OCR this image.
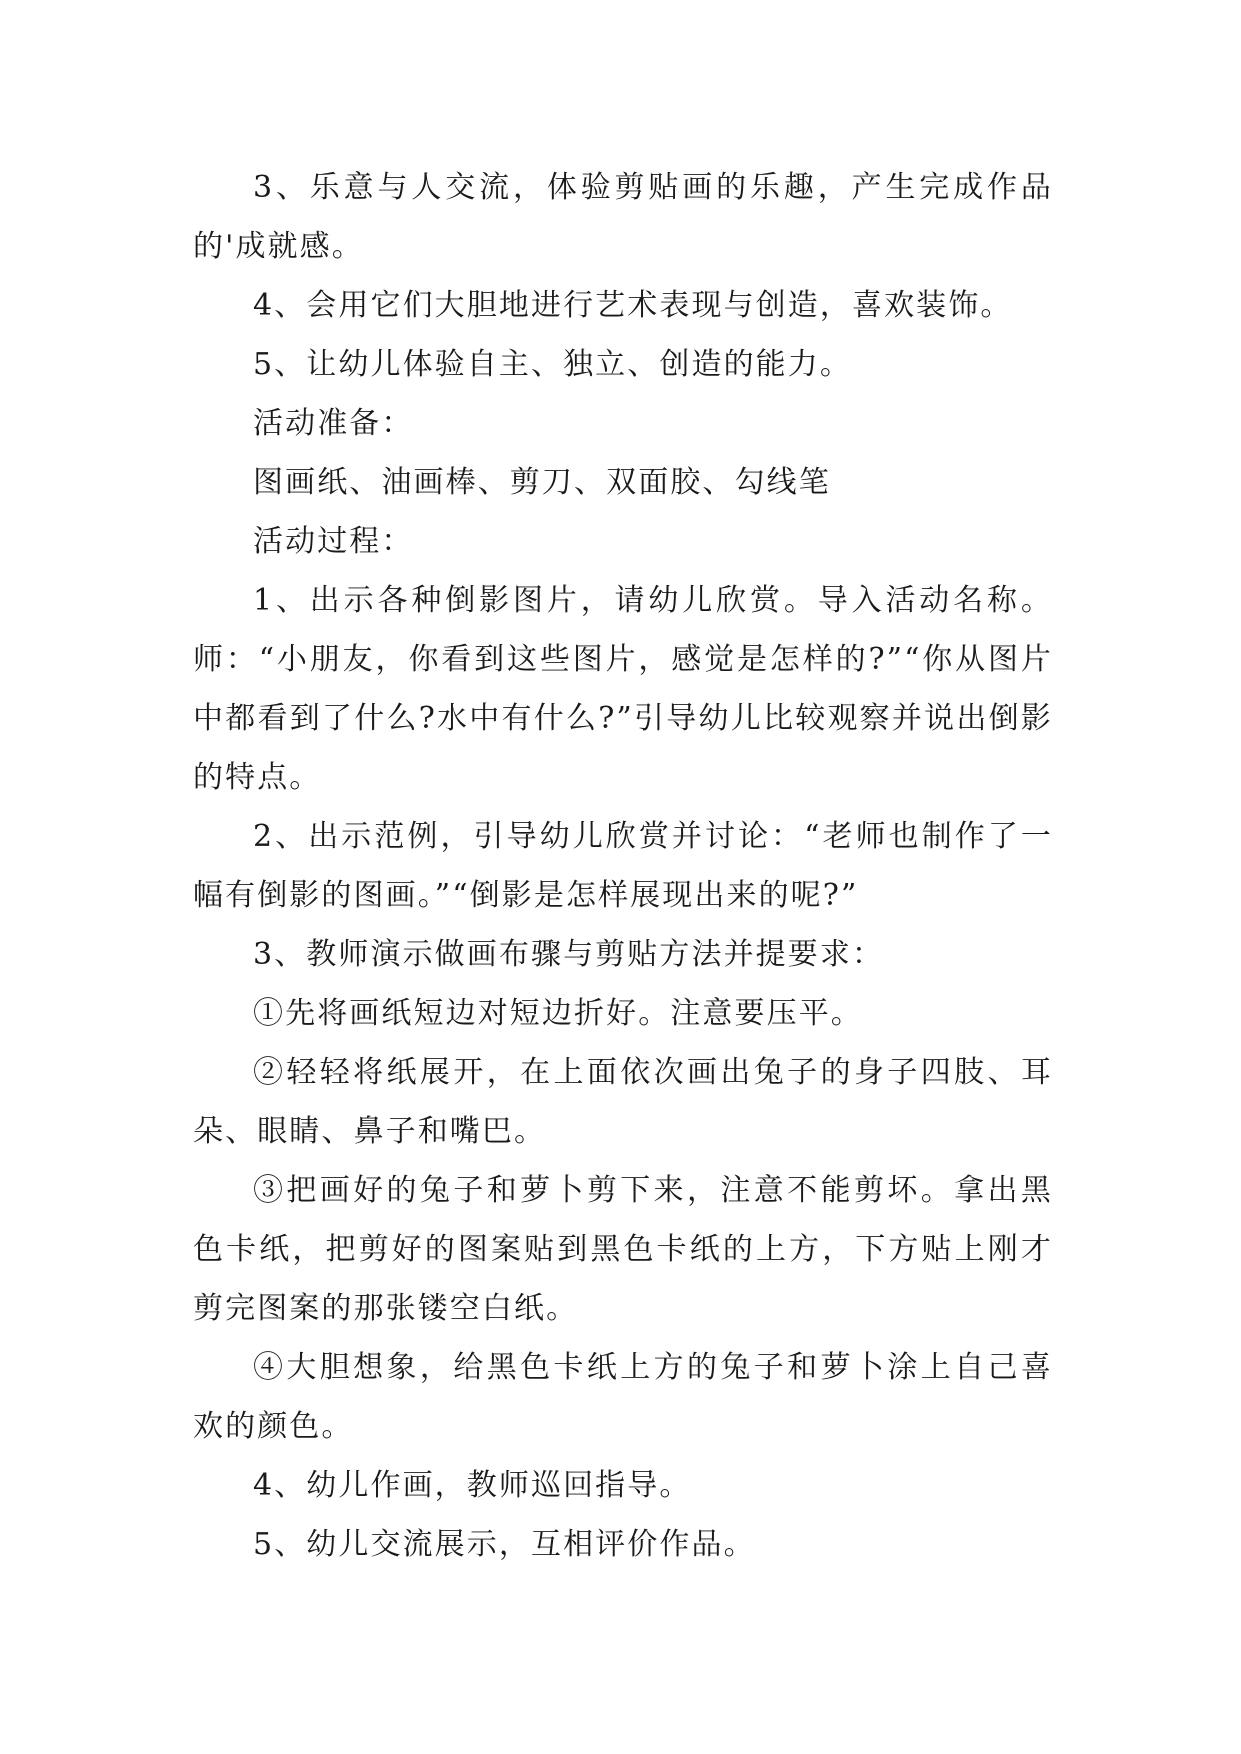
3、乐意与人交流，体验剪贴画的乐趣，产生完成作品的'成就感。

4、会用它们大胆地进行艺术表现与创造，喜欢装饰。

5、让幼儿体验自主、独立、创造的能力。

活动准备：

图画纸、油画棒、剪刀、双面胶、勾线笔

活动过程：

1、出示各种倒影图片，请幼儿欣赏。导入活动名称。师：“小朋友，你看到这些图片，感觉是怎样的?”“你从图片中都看到了什么?水中有什么?”引导幼儿比较观察并说出倒影的特点。

2、出示范例，引导幼儿欣赏并讨论：“老师也制作了一幅有倒影的图画。”“倒影是怎样展现出来的呢?”

3、教师演示做画布骤与剪贴方法并提要求：

①先将画纸短边对短边折好。注意要压平。

②轻轻将纸展开，在上面依次画出兔子的身子四肢、耳朵、眼睛、鼻子和嘴巴。

③把画好的兔子和萝卜剪下来，注意不能剪坏。拿出黑色卡纸，把剪好的图案贴到黑色卡纸的上方，下方贴上刚才剪完图案的那张镂空白纸。

④大胆想象，给黑色卡纸上方的兔子和萝卜涂上自己喜欢的颜色。

4、幼儿作画，教师巡回指导。

5、幼儿交流展示，互相评价作品。
